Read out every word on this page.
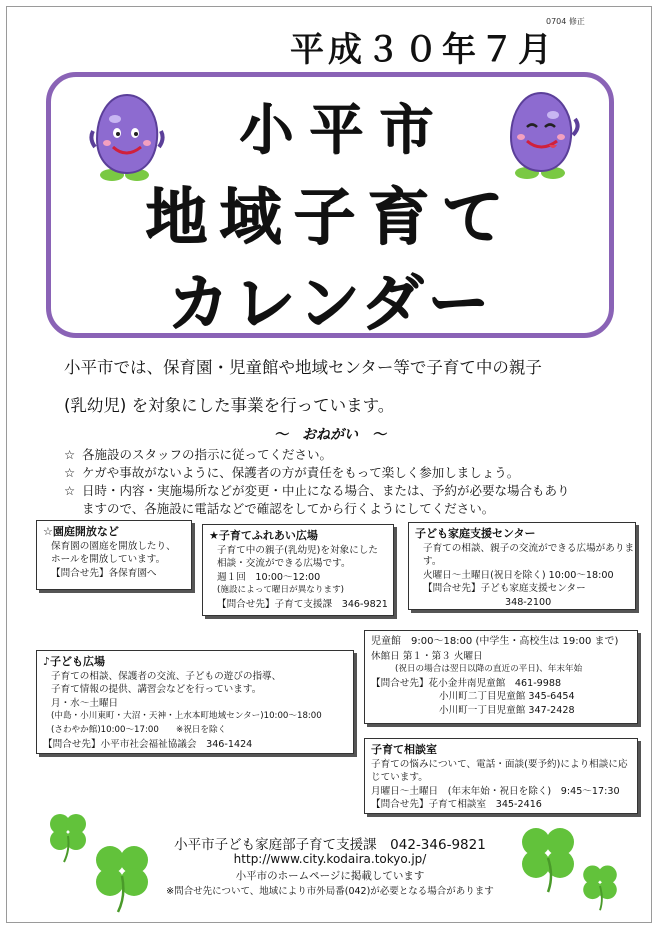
0704 修正
平成３０年７月
小平市
地域子育て
カレンダー
小平市では、保育園・児童館や地域センター等で子育て中の親子
(乳幼児) を対象にした事業を行っています。
～　おねがい　～
☆ 各施設のスタッフの指示に従ってください。
☆ ケガや事故がないように、保護者の方が責任をもって楽しく参加しましょう。
☆ 日時・内容・実施場所などが変更・中止になる場合、または、予約が必要な場合もあり
ますので、各施設に電話などで確認をしてから行くようにしてください。
☆園庭開放など
保育園の園庭を開放したり、
ホールを開放しています。
【問合せ先】各保育園へ
★子育てふれあい広場
子育て中の親子(乳幼児)を対象にした
相談・交流ができる広場です。
週１回　10:00～12:00
(施設によって曜日が異なります)
【問合せ先】子育て支援課　346-9821
子ども家庭支援センター
子育ての相談、親子の交流ができる広場がありま
す。
火曜日～土曜日(祝日を除く) 10:00～18:00
【問合せ先】子ども家庭支援センター
348-2100
♪子ども広場
子育ての相談、保護者の交流、子どもの遊びの指導、
子育て情報の提供、講習会などを行っています。
月・水～土曜日
(中島・小川東町・大沼・天神・上水本町地域センター)10:00～18:00
(さわやか館)10:00～17:00　　※祝日を除く
【問合せ先】小平市社会福祉協議会　346-1424
児童館　9:00～18:00 (中学生・高校生は 19:00 まで)
休館日 第１・第３ 火曜日
(祝日の場合は翌日以降の直近の平日)、年末年始
【問合せ先】花小金井南児童館　461-9988
小川町二丁目児童館 345-6454
小川町一丁目児童館 347-2428
子育て相談室
子育ての悩みについて、電話・面談(要予約)により相談に応
じています。
月曜日～土曜日　(年末年始・祝日を除く)　9:45～17:30
【問合せ先】子育て相談室　345-2416
小平市子ども家庭部子育て支援課　042-346-9821
http://www.city.kodaira.tokyo.jp/
小平市のホームページに掲載しています
※問合せ先について、地域により市外局番(042)が必要となる場合があります
